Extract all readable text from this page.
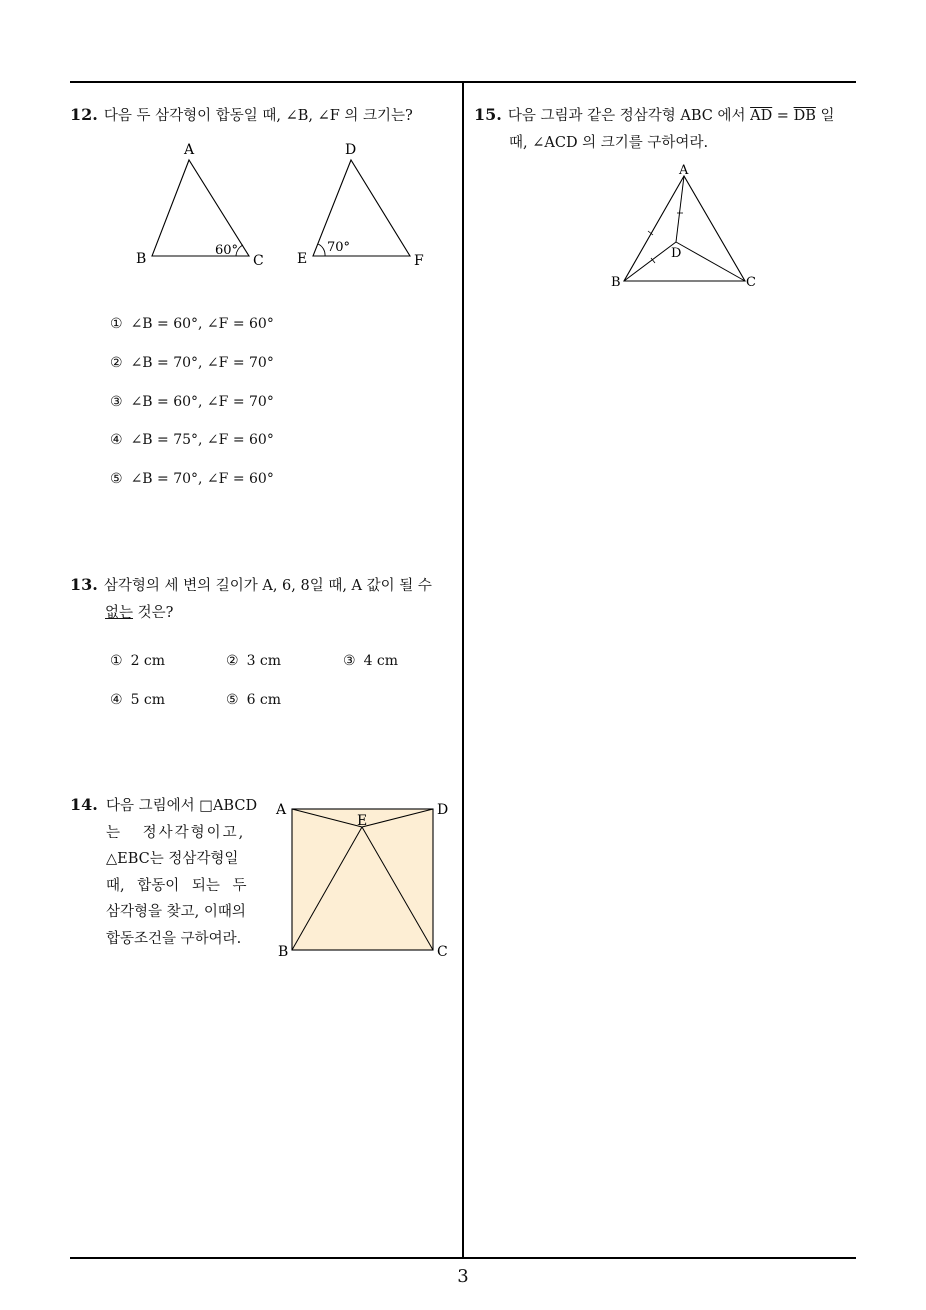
12. 다음 두 삼각형이 합동일 때, ∠B, ∠F 의 크기는?
A
B	C
60°
D
E	F
70°
① ∠B = 60°, ∠F = 60°
② ∠B = 70°, ∠F = 70°
③ ∠B = 60°, ∠F = 70°
④ ∠B = 75°, ∠F = 60°
⑤ ∠B = 70°, ∠F = 60°
13. 삼각형의 세 변의 길이가 A, 6, 8일 때, A 값이 될 수
없는 것은?
① 2 cm	② 3 cm	③ 4 cm
④ 5 cm	⑤ 6 cm
14. 다음 그림에서 □ABCD
는 정사각형이고,
△EBC는 정삼각형일
때, 합동이 되는 두
삼각형을 찾고, 이때의
합동조건을 구하여라.
A	D
E
B	C
15. 다음 그림과 같은 정삼각형 ABC 에서 $\overline{AD} = \overline{DB}$ 일
때, ∠ACD 의 크기를 구하여라.
A
D
B	C
3
